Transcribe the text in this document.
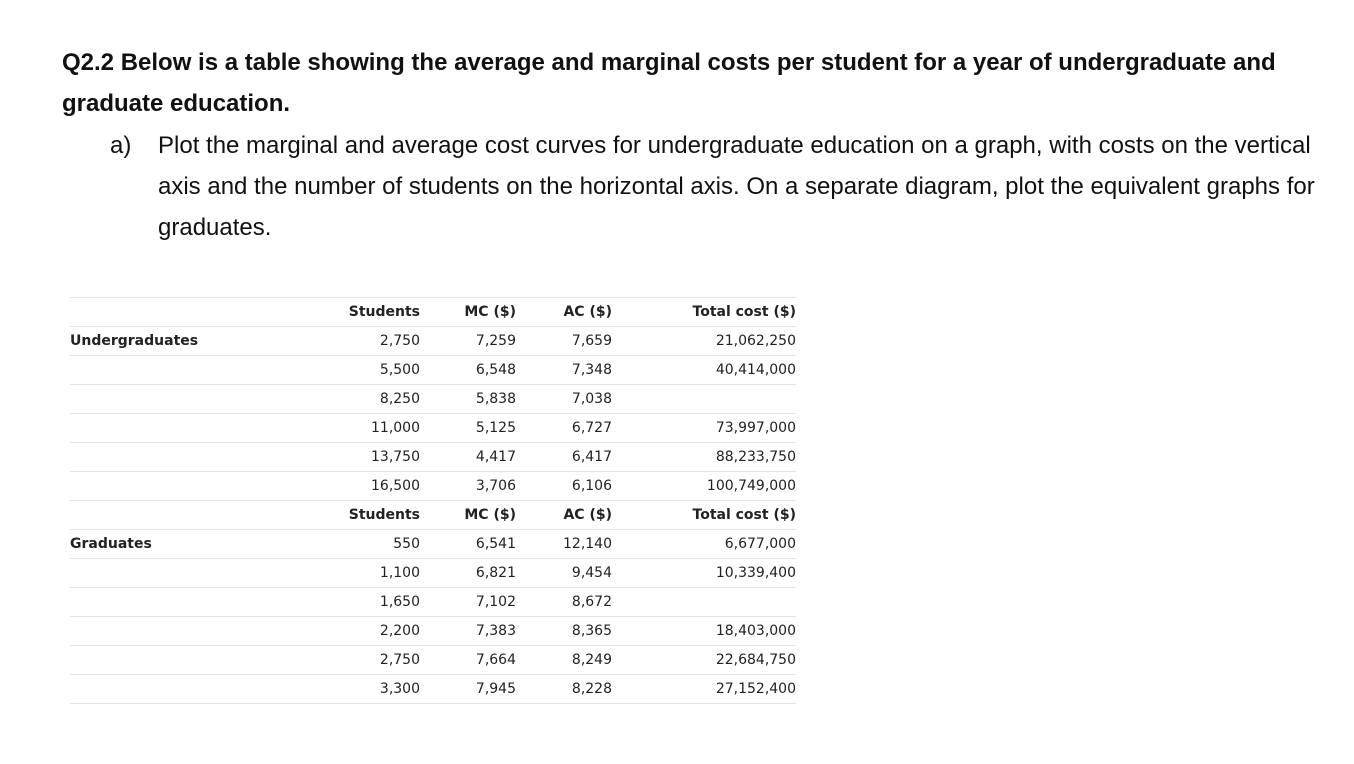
Q2.2 Below is a table showing the average and marginal costs per student for a year of undergraduate and graduate education.

a) Plot the marginal and average cost curves for undergraduate education on a graph, with costs on the vertical axis and the number of students on the horizontal axis. On a separate diagram, plot the equivalent graphs for graduates.
	Students	MC ($)	AC ($)	Total cost ($)
Undergraduates	2,750	7,259	7,659	21,062,250
	5,500	6,548	7,348	40,414,000
	8,250	5,838	7,038	
	11,000	5,125	6,727	73,997,000
	13,750	4,417	6,417	88,233,750
	16,500	3,706	6,106	100,749,000
	Students	MC ($)	AC ($)	Total cost ($)
Graduates	550	6,541	12,140	6,677,000
	1,100	6,821	9,454	10,339,400
	1,650	7,102	8,672	
	2,200	7,383	8,365	18,403,000
	2,750	7,664	8,249	22,684,750
	3,300	7,945	8,228	27,152,400
